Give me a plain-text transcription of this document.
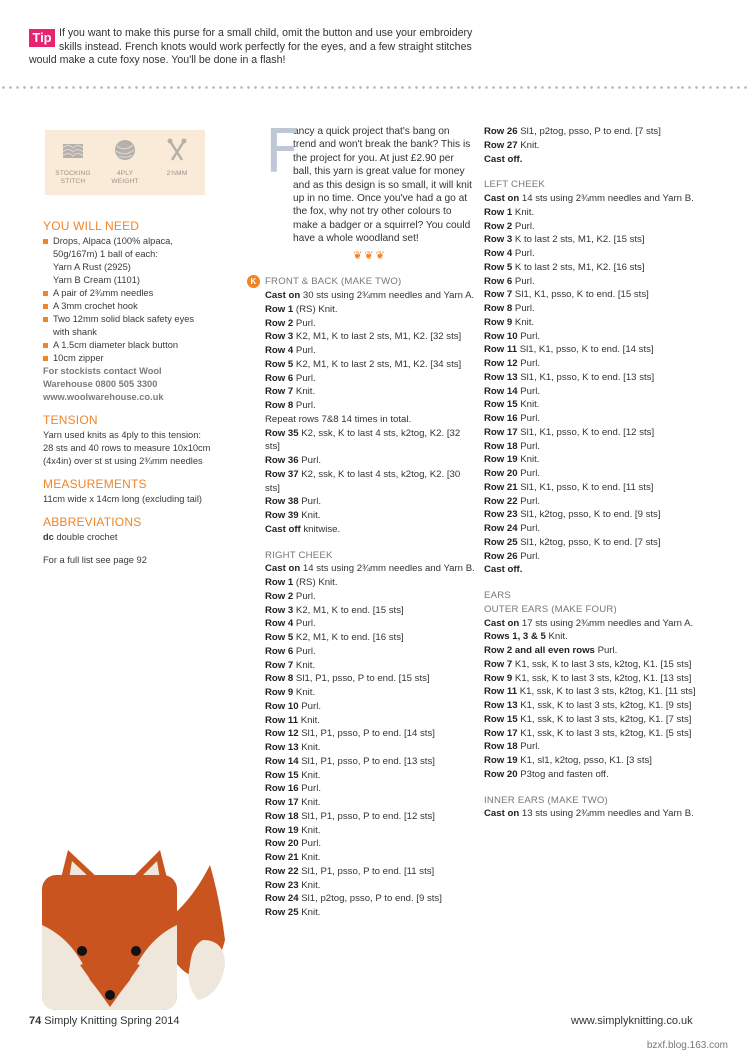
Tip If you want to make this purse for a small child, omit the button and use your embroidery
skills instead. French knots would work perfectly for the eyes, and a few straight stitches
would make a cute foxy nose. You'll be done in a flash!
STOCKING
STITCH
4PLY
WEIGHT
2¾MM
YOU WILL NEED
Drops, Alpaca (100% alpaca, 50g/167m) 1 ball of each:
Yarn A Rust (2925)
Yarn B Cream (1101)
A pair of 2¾mm needles
A 3mm crochet hook
Two 12mm solid black safety eyes with shank
A 1.5cm diameter black button
10cm zipper

For stockists contact Wool Warehouse 0800 505 3300 www.woolwarehouse.co.uk

TENSION

Yarn used knits as 4ply to this tension: 28 sts and 40 rows to measure 10x10cm (4x4in) over st st using 2¾mm needles

MEASUREMENTS

11cm wide x 14cm long (excluding tail)

ABBREVIATIONS

dc double crochet

For a full list see page 92

F

ancy a quick project that's bang on trend and won't break the bank? This is the project for you. At just £2.90 per ball, this yarn is great value for money and as this design is so small, it will knit up in no time. Once you've had a go at the fox, why not try other colours to make a badger or a squirrel? You could have a whole woodland set!

❦❦❦
K FRONT & BACK (MAKE TWO)

Cast on 30 sts using 2¾mm needles and Yarn A.

Row 1 (RS) Knit.

Row 2 Purl.

Row 3 K2, M1, K to last 2 sts, M1, K2. [32 sts]

Row 4 Purl.

Row 5 K2, M1, K to last 2 sts, M1, K2. [34 sts]

Row 6 Purl.

Row 7 Knit.

Row 8 Purl.

Repeat rows 7&8 14 times in total.

Row 35 K2, ssk, K to last 4 sts, k2tog, K2. [32 sts]

Row 36 Purl.

Row 37 K2, ssk, K to last 4 sts, k2tog, K2. [30 sts]

Row 38 Purl.

Row 39 Knit.

Cast off knitwise.

RIGHT CHEEK

Cast on 14 sts using 2¾mm needles and Yarn B.

Row 1 (RS) Knit.

Row 2 Purl.

Row 3 K2, M1, K to end. [15 sts]

Row 4 Purl.

Row 5 K2, M1, K to end. [16 sts]

Row 6 Purl.

Row 7 Knit.

Row 8 Sl1, P1, psso, P to end. [15 sts]

Row 9 Knit.

Row 10 Purl.

Row 11 Knit.

Row 12 Sl1, P1, psso, P to end. [14 sts]

Row 13 Knit.

Row 14 Sl1, P1, psso, P to end. [13 sts]

Row 15 Knit.

Row 16 Purl.

Row 17 Knit.

Row 18 Sl1, P1, psso, P to end. [12 sts]

Row 19 Knit.

Row 20 Purl.

Row 21 Knit.

Row 22 Sl1, P1, psso, P to end. [11 sts]

Row 23 Knit.

Row 24 Sl1, p2tog, psso, P to end. [9 sts]

Row 25 Knit.

Row 26 Sl1, p2tog, psso, P to end. [7 sts]

Row 27 Knit.

Cast off.

LEFT CHEEK

Cast on 14 sts using 2¾mm needles and Yarn B.

Row 1 Knit.

Row 2 Purl.

Row 3 K to last 2 sts, M1, K2. [15 sts]

Row 4 Purl.

Row 5 K to last 2 sts, M1, K2. [16 sts]

Row 6 Purl.

Row 7 Sl1, K1, psso, K to end. [15 sts]

Row 8 Purl.

Row 9 Knit.

Row 10 Purl.

Row 11 Sl1, K1, psso, K to end. [14 sts]

Row 12 Purl.

Row 13 Sl1, K1, psso, K to end. [13 sts]

Row 14 Purl.

Row 15 Knit.

Row 16 Purl.

Row 17 Sl1, K1, psso, K to end. [12 sts]

Row 18 Purl.

Row 19 Knit.

Row 20 Purl.

Row 21 Sl1, K1, psso, K to end. [11 sts]

Row 22 Purl.

Row 23 Sl1, k2tog, psso, K to end. [9 sts]

Row 24 Purl.

Row 25 Sl1, k2tog, psso, K to end. [7 sts]

Row 26 Purl.

Cast off.

EARS
OUTER EARS (MAKE FOUR)

Cast on 17 sts using 2¾mm needles and Yarn A.

Rows 1, 3 & 5 Knit.

Row 2 and all even rows Purl.

Row 7 K1, ssk, K to last 3 sts, k2tog, K1. [15 sts]

Row 9 K1, ssk, K to last 3 sts, k2tog, K1. [13 sts]

Row 11 K1, ssk, K to last 3 sts, k2tog, K1. [11 sts]

Row 13 K1, ssk, K to last 3 sts, k2tog, K1. [9 sts]

Row 15 K1, ssk, K to last 3 sts, k2tog, K1. [7 sts]

Row 17 K1, ssk, K to last 3 sts, k2tog, K1. [5 sts]

Row 18 Purl.

Row 19 K1, sl1, k2tog, psso, K1. [3 sts]

Row 20 P3tog and fasten off.

INNER EARS (MAKE TWO)

Cast on 13 sts using 2¾mm needles and Yarn B.

74 Simply Knitting Spring 2014	www.simplyknitting.co.uk
bzxf.blog.163.com
